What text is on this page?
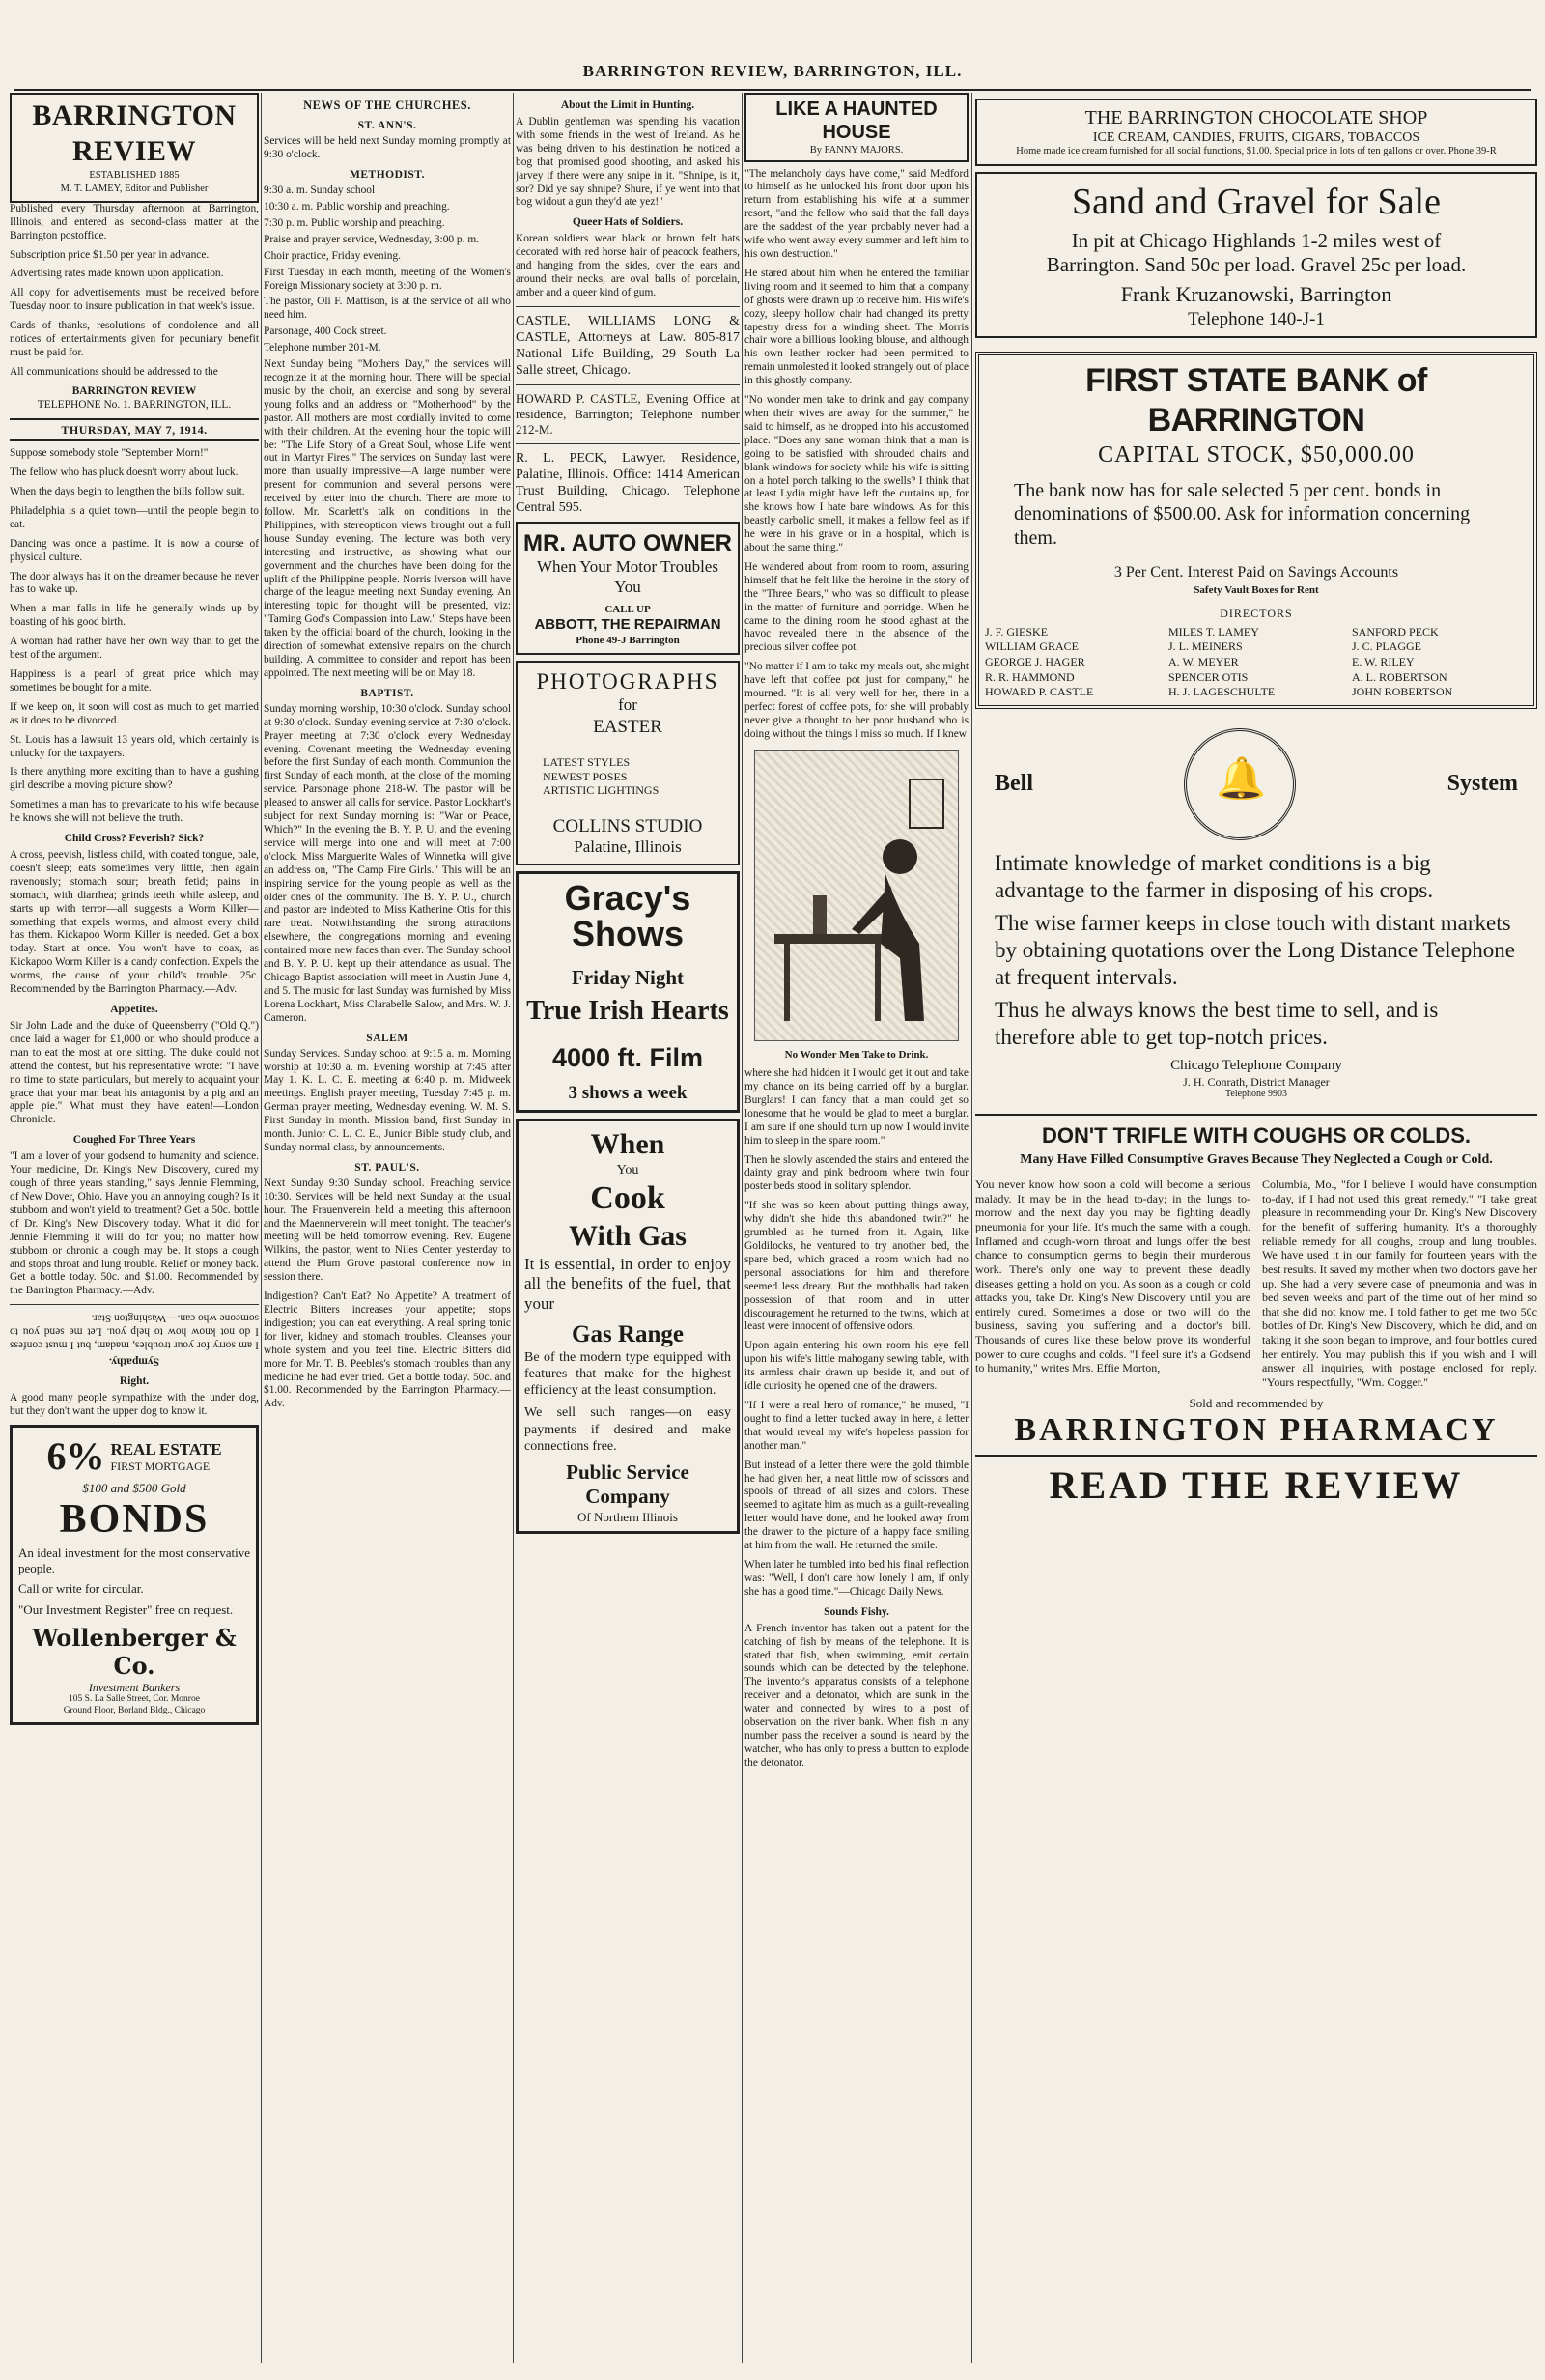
BARRINGTON REVIEW, BARRINGTON, ILL.
BARRINGTON REVIEW
ESTABLISHED 1885
M. T. LAMEY, Editor and Publisher

Published every Thursday afternoon at Barrington, Illinois, and entered as second-class matter at the Barrington postoffice.

Subscription price $1.50 per year in advance.

Advertising rates made known upon application.

All copy for advertisements must be received before Tuesday noon to insure publication in that week's issue.

Cards of thanks, resolutions of condolence and all notices of entertainments given for pecuniary benefit must be paid for.

All communications should be addressed to the

BARRINGTON REVIEW
TELEPHONE No. 1. BARRINGTON, ILL.
THURSDAY, MAY 7, 1914.

Suppose somebody stole "September Morn!"

The fellow who has pluck doesn't worry about luck.

When the days begin to lengthen the bills follow suit.

Philadelphia is a quiet town—until the people begin to eat.

Dancing was once a pastime. It is now a course of physical culture.

The door always has it on the dreamer because he never has to wake up.

When a man falls in life he generally winds up by boasting of his good birth.

A woman had rather have her own way than to get the best of the argument.

Happiness is a pearl of great price which may sometimes be bought for a mite.

If we keep on, it soon will cost as much to get married as it does to be divorced.

St. Louis has a lawsuit 13 years old, which certainly is unlucky for the taxpayers.

Is there anything more exciting than to have a gushing girl describe a moving picture show?

Sometimes a man has to prevaricate to his wife because he knows she will not believe the truth.

Child Cross? Feverish? Sick?

A cross, peevish, listless child, with coated tongue, pale, doesn't sleep; eats sometimes very little, then again ravenously; stomach sour; breath fetid; pains in stomach, with diarrhea; grinds teeth while asleep, and starts up with terror—all suggests a Worm Killer—something that expels worms, and almost every child has them. Kickapoo Worm Killer is needed. Get a box today. Start at once. You won't have to coax, as Kickapoo Worm Killer is a candy confection. Expels the worms, the cause of your child's trouble. 25c. Recommended by the Barrington Pharmacy.—Adv.

Appetites.

Sir John Lade and the duke of Queensberry ("Old Q.") once laid a wager for £1,000 on who should produce a man to eat the most at one sitting. The duke could not attend the contest, but his representative wrote: "I have no time to state particulars, but merely to acquaint your grace that your man beat his antagonist by a pig and an apple pie." What must they have eaten!—London Chronicle.

Coughed For Three Years

"I am a lover of your godsend to humanity and science. Your medicine, Dr. King's New Discovery, cured my cough of three years standing," says Jennie Flemming, of New Dover, Ohio. Have you an annoying cough? Is it stubborn and won't yield to treatment? Get a 50c. bottle of Dr. King's New Discovery today. What it did for Jennie Flemming it will do for you; no matter how stubborn or chronic a cough may be. It stops a cough and stops throat and lung trouble. Relief or money back. Get a bottle today. 50c. and $1.00. Recommended by the Barrington Pharmacy.—Adv.

Sympathy.

I am sorry for your troubles, madam, but I must confess I do not know how to help you. Let me send you to someone who can.—Washington Star.

Right.

A good many people sympathize with the under dog, but they don't want the upper dog to know it.

6% REAL ESTATE
FIRST MORTGAGE
$100 and $500 Gold
BONDS

An ideal investment for the most conservative people.

Call or write for circular.

"Our Investment Register" free on request.

Wollenberger & Co.
Investment Bankers
105 S. La Salle Street, Cor. Monroe
Ground Floor, Borland Bldg., Chicago
NEWS OF THE CHURCHES.
ST. ANN'S.

Services will be held next Sunday morning promptly at 9:30 o'clock.

METHODIST.

9:30 a. m. Sunday school

10:30 a. m. Public worship and preaching.

7:30 p. m. Public worship and preaching.

Praise and prayer service, Wednesday, 3:00 p. m.

Choir practice, Friday evening.

First Tuesday in each month, meeting of the Women's Foreign Missionary society at 3:00 p. m.

The pastor, Oli F. Mattison, is at the service of all who need him.

Parsonage, 400 Cook street.

Telephone number 201-M.

Next Sunday being "Mothers Day," the services will recognize it at the morning hour. There will be special music by the choir, an exercise and song by several young folks and an address on "Motherhood" by the pastor. All mothers are most cordially invited to come with their children. At the evening hour the topic will be: "The Life Story of a Great Soul, whose Life went out in Martyr Fires." The services on Sunday last were more than usually impressive—A large number were present for communion and several persons were received by letter into the church. There are more to follow. Mr. Scarlett's talk on conditions in the Philippines, with stereopticon views brought out a full house Sunday evening. The lecture was both very interesting and instructive, as showing what our government and the churches have been doing for the uplift of the Philippine people. Norris Iverson will have charge of the league meeting next Sunday evening. An interesting topic for thought will be presented, viz: "Taming God's Compassion into Law." Steps have been taken by the official board of the church, looking in the direction of somewhat extensive repairs on the church building. A committee to consider and report has been appointed. The next meeting will be on May 18.

BAPTIST.

Sunday morning worship, 10:30 o'clock. Sunday school at 9:30 o'clock. Sunday evening service at 7:30 o'clock. Prayer meeting at 7:30 o'clock every Wednesday evening. Covenant meeting the Wednesday evening before the first Sunday of each month. Communion the first Sunday of each month, at the close of the morning service. Parsonage phone 218-W. The pastor will be pleased to answer all calls for service. Pastor Lockhart's subject for next Sunday morning is: "War or Peace, Which?" In the evening the B. Y. P. U. and the evening service will merge into one and will meet at 7:00 o'clock. Miss Marguerite Wales of Winnetka will give an address on, "The Camp Fire Girls." This will be an inspiring service for the young people as well as the older ones of the community. The B. Y. P. U., church and pastor are indebted to Miss Katherine Otis for this rare treat. Notwithstanding the strong attractions elsewhere, the congregations morning and evening contained more new faces than ever. The Sunday school and B. Y. P. U. kept up their attendance as usual. The Chicago Baptist association will meet in Austin June 4, and 5. The music for last Sunday was furnished by Miss Lorena Lockhart, Miss Clarabelle Salow, and Mrs. W. J. Cameron.

SALEM

Sunday Services. Sunday school at 9:15 a. m. Morning worship at 10:30 a. m. Evening worship at 7:45 after May 1. K. L. C. E. meeting at 6:40 p. m. Midweek meetings. English prayer meeting, Tuesday 7:45 p. m. German prayer meeting, Wednesday evening. W. M. S. First Sunday in month. Mission band, first Sunday in month. Junior C. L. C. E., Junior Bible study club, and Sunday normal class, by announcements.

ST. PAUL'S.

Next Sunday 9:30 Sunday school. Preaching service 10:30. Services will be held next Sunday at the usual hour. The Frauenverein held a meeting this afternoon and the Maennerverein will meet tonight. The teacher's meeting will be held tomorrow evening. Rev. Eugene Wilkins, the pastor, went to Niles Center yesterday to attend the Plum Grove pastoral conference now in session there.

Indigestion? Can't Eat? No Appetite? A treatment of Electric Bitters increases your appetite; stops indigestion; you can eat everything. A real spring tonic for liver, kidney and stomach troubles. Cleanses your whole system and you feel fine. Electric Bitters did more for Mr. T. B. Peebles's stomach troubles than any medicine he had ever tried. Get a bottle today. 50c. and $1.00. Recommended by the Barrington Pharmacy.—Adv.

About the Limit in Hunting.

A Dublin gentleman was spending his vacation with some friends in the west of Ireland. As he was being driven to his destination he noticed a bog that promised good shooting, and asked his jarvey if there were any snipe in it. "Shnipe, is it, sor? Did ye say shnipe? Shure, if ye went into that bog widout a gun they'd ate yez!"

Queer Hats of Soldiers.

Korean soldiers wear black or brown felt hats decorated with red horse hair of peacock feathers, and hanging from the sides, over the ears and around their necks, are oval balls of porcelain, amber and a queer kind of gum.

CASTLE, WILLIAMS LONG & CASTLE, Attorneys at Law. 805-817 National Life Building, 29 South La Salle street, Chicago.

HOWARD P. CASTLE, Evening Office at residence, Barrington; Telephone number 212-M.

R. L. PECK, Lawyer. Residence, Palatine, Illinois. Office: 1414 American Trust Building, Chicago. Telephone Central 595.

MR. AUTO OWNER
When Your Motor Troubles You
CALL UP
ABBOTT, THE REPAIRMAN
Phone 49-J Barrington
PHOTOGRAPHS
for
EASTER
LATEST STYLES
NEWEST POSES
ARTISTIC LIGHTINGS
COLLINS STUDIO
Palatine, Illinois
Gracy's Shows
Friday Night
True Irish Hearts
4000 ft. Film
3 shows a week
When
You
Cook
With Gas

It is essential, in order to enjoy all the benefits of the fuel, that your

Gas Range

Be of the modern type equipped with features that make for the highest efficiency at the least consumption.

We sell such ranges—on easy payments if desired and make connections free.

Public Service Company
Of Northern Illinois
LIKE A HAUNTED HOUSE
By FANNY MAJORS.

"The melancholy days have come," said Medford to himself as he unlocked his front door upon his return from establishing his wife at a summer resort, "and the fellow who said that the fall days are the saddest of the year probably never had a wife who went away every summer and left him to his own destruction."

He stared about him when he entered the familiar living room and it seemed to him that a company of ghosts were drawn up to receive him. His wife's cozy, sleepy hollow chair had changed its pretty tapestry dress for a winding sheet. The Morris chair wore a billious looking blouse, and although his own leather rocker had been permitted to remain unmolested it looked strangely out of place in this ghostly company.

"No wonder men take to drink and gay company when their wives are away for the summer," he said to himself, as he dropped into his accustomed place. "Does any sane woman think that a man is going to be satisfied with shrouded chairs and blank windows for society while his wife is sitting on a hotel porch talking to the swells? I think that at least Lydia might have left the curtains up, for she knows how I hate bare windows. As for this beastly carbolic smell, it makes a fellow feel as if he were in his grave or in a hospital, which is about the same thing."

He wandered about from room to room, assuring himself that he felt like the heroine in the story of the "Three Bears," who was so difficult to please in the matter of furniture and porridge. When he came to the dining room he stood aghast at the havoc revealed there in the absence of the precious silver coffee pot.

"No matter if I am to take my meals out, she might have left that coffee pot just for company," he mourned. "It is all very well for her, there in a perfect forest of coffee pots, for she will probably never give a thought to her poor husband who is doing without the things I miss so much. If I knew

No Wonder Men Take to Drink.

where she had hidden it I would get it out and take my chance on its being carried off by a burglar. Burglars! I can fancy that a man could get so lonesome that he would be glad to meet a burglar. I am sure if one should turn up now I would invite him to sleep in the spare room."

Then he slowly ascended the stairs and entered the dainty gray and pink bedroom where twin four poster beds stood in solitary splendor.

"If she was so keen about putting things away, why didn't she hide this abandoned twin?" he grumbled as he turned from it. Again, like Goldilocks, he ventured to try another bed, the spare bed, which graced a room which had no personal associations for him and therefore seemed less dreary. But the mothballs had taken possession of that room and in utter discouragement he returned to the twins, which at least were innocent of offensive odors.

Upon again entering his own room his eye fell upon his wife's little mahogany sewing table, with its armless chair drawn up beside it, and out of idle curiosity he opened one of the drawers.

"If I were a real hero of romance," he mused, "I ought to find a letter tucked away in here, a letter that would reveal my wife's hopeless passion for another man."

But instead of a letter there were the gold thimble he had given her, a neat little row of scissors and spools of thread of all sizes and colors. These seemed to agitate him as much as a guilt-revealing letter would have done, and he looked away from the drawer to the picture of a happy face smiling at him from the wall. He returned the smile.

When later he tumbled into bed his final reflection was: "Well, I don't care how lonely I am, if only she has a good time."—Chicago Daily News.

Sounds Fishy.

A French inventor has taken out a patent for the catching of fish by means of the telephone. It is stated that fish, when swimming, emit certain sounds which can be detected by the telephone. The inventor's apparatus consists of a telephone receiver and a detonator, which are sunk in the water and connected by wires to a post of observation on the river bank. When fish in any number pass the receiver a sound is heard by the watcher, who has only to press a button to explode the detonator.

THE BARRINGTON CHOCOLATE SHOP
ICE CREAM, CANDIES, FRUITS, CIGARS, TOBACCOS
Home made ice cream furnished for all social functions, $1.00. Special price in lots of ten gallons or over. Phone 39-R
Sand and Gravel for Sale
In pit at Chicago Highlands 1-2 miles west of Barrington. Sand 50c per load. Gravel 25c per load.
Frank Kruzanowski, Barrington
Telephone 140-J-1
FIRST STATE BANK of BARRINGTON
CAPITAL STOCK, $50,000.00
The bank now has for sale selected 5 per cent. bonds in denominations of $500.00. Ask for information concerning them.
3 Per Cent. Interest Paid on Savings Accounts
Safety Vault Boxes for Rent
DIRECTORS
J. F. GIESKE	MILES T. LAMEY	SANFORD PECK
WILLIAM GRACE	J. L. MEINERS	J. C. PLAGGE
GEORGE J. HAGER	A. W. MEYER	E. W. RILEY
R. R. HAMMOND	SPENCER OTIS	A. L. ROBERTSON
HOWARD P. CASTLE	H. J. LAGESCHULTE	JOHN ROBERTSON
Bell
🔔	System

Intimate knowledge of market conditions is a big advantage to the farmer in disposing of his crops.

The wise farmer keeps in close touch with distant markets by obtaining quotations over the Long Distance Telephone at frequent intervals.

Thus he always knows the best time to sell, and is therefore able to get top-notch prices.

Chicago Telephone Company
J. H. Conrath, District Manager
Telephone 9903
DON'T TRIFLE WITH COUGHS OR COLDS.
Many Have Filled Consumptive Graves Because They Neglected a Cough or Cold.
You never know how soon a cold will become a serious malady. It may be in the head to-day; in the lungs to-morrow and the next day you may be fighting deadly pneumonia for your life. It's much the same with a cough. Inflamed and cough-worn throat and lungs offer the best chance to consumption germs to begin their murderous work. There's only one way to prevent these deadly diseases getting a hold on you. As soon as a cough or cold attacks you, take Dr. King's New Discovery until you are entirely cured. Sometimes a dose or two will do the business, saving you suffering and a doctor's bill. Thousands of cures like these below prove its wonderful power to cure coughs and colds. "I feel sure it's a Godsend to humanity," writes Mrs. Effie Morton,
Columbia, Mo., "for I believe I would have consumption to-day, if I had not used this great remedy." "I take great pleasure in recommending your Dr. King's New Discovery for the benefit of suffering humanity. It's a thoroughly reliable remedy for all coughs, croup and lung troubles. We have used it in our family for fourteen years with the best results. It saved my mother when two doctors gave her up. She had a very severe case of pneumonia and was in bed seven weeks and part of the time out of her mind so that she did not know me. I told father to get me two 50c bottles of Dr. King's New Discovery, which he did, and on taking it she soon began to improve, and four bottles cured her entirely. You may publish this if you wish and I will answer all inquiries, with postage enclosed for reply. "Yours respectfully, "Wm. Cogger."
Sold and recommended by
BARRINGTON PHARMACY
READ THE REVIEW
